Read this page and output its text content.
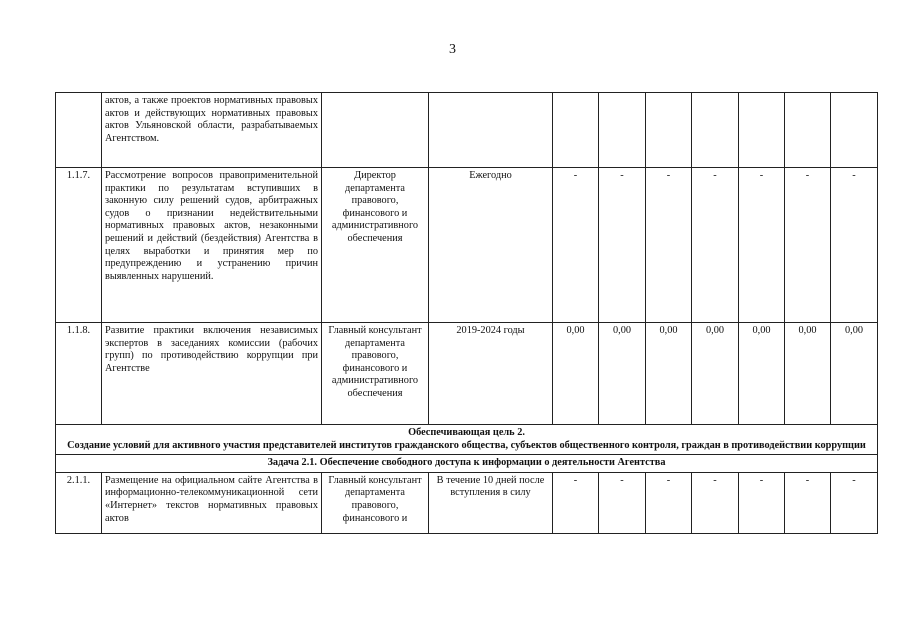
3
	актов, а также проектов нормативных правовых актов и действующих нормативных правовых актов Ульяновской области, разрабатываемых Агентством.									
1.1.7.	Рассмотрение вопросов правоприменительной практики по результатам вступивших в законную силу решений судов, арбитражных судов о признании недействительными нормативных правовых актов, незаконными решений и действий (бездействия) Агентства в целях выработки и принятия мер по предупреждению и устранению причин выявленных нарушений.	Директор департамента правового, финансового и административного обеспечения	Ежегодно	-	-	-	-	-	-	-
1.1.8.	Развитие практики включения независимых экспертов в заседаниях комиссии (рабочих групп) по противодействию коррупции при Агентстве	Главный консультант департамента правового, финансового и административного обеспечения	2019-2024 годы	0,00	0,00	0,00	0,00	0,00	0,00	0,00

Обеспечивающая цель 2.
Создание условий для активного участия представителей институтов гражданского общества, субъектов общественного контроля, граждан в противодействии коррупции										

Задача 2.1. Обеспечение свободного доступа к информации о деятельности Агентства										
2.1.1.	Размещение на официальном сайте Агентства в информационно-телекоммуникационной сети «Интернет» текстов нормативных правовых актов	Главный консультант департамента правового, финансового и	В течение 10 дней после вступления в силу	-	-	-	-	-	-	-
